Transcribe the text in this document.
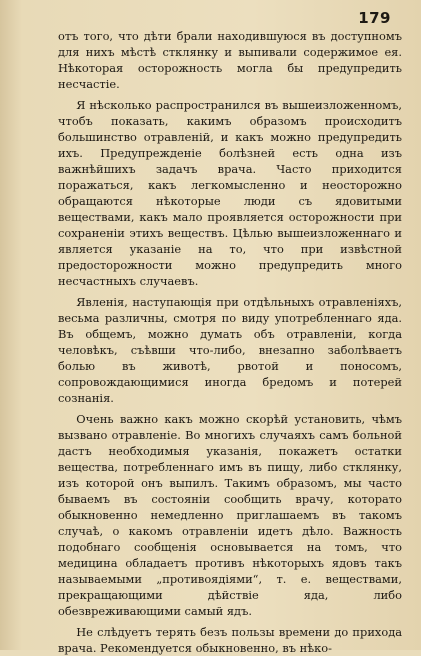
179

отъ того, что дѣти брали находившуюся въ доступномъ для нихъ мѣстѣ стклянку и выпивали содержимое ея. Нѣкоторая осторожность могла бы предупредить несчастіе.

Я нѣсколько распространился въ вышеизложенномъ, чтобъ показать, какимъ образомъ происходитъ большинство отравленій, и какъ можно предупредить ихъ. Предупрежденіе болѣзней есть одна изъ важнѣйшихъ задачъ врача. Часто приходится поражаться, какъ легкомысленно и неосторожно обращаются нѣкоторые люди съ ядовитыми веществами, какъ мало проявляется осторожности при сохраненіи этихъ веществъ. Цѣлью вышеизложеннаго и является указаніе на то, что при извѣстной предосторожности можно предупредить много несчастныхъ случаевъ.

Явленія, наступающія при отдѣльныхъ отравленіяхъ, весьма различны, смотря по виду употребленнаго яда. Въ общемъ, можно думать объ отравленіи, когда человѣкъ, съѣвши что-либо, внезапно заболѣваетъ болью въ животѣ, рвотой и поносомъ, сопровождающимися иногда бредомъ и потерей сознанія.

Очень важно какъ можно скорѣй установить, чѣмъ вызвано отравленіе. Во многихъ случаяхъ самъ больной дастъ необходимыя указанія, покажетъ остатки вещества, потребленнаго имъ въ пищу, либо стклянку, изъ которой онъ выпилъ. Такимъ образомъ, мы часто бываемъ въ состояніи сообщить врачу, которато обыкновенно немедленно приглашаемъ въ такомъ случаѣ, о какомъ отравленіи идетъ дѣло. Важность подобнаго сообщенія основывается на томъ, что медицина обладаетъ противъ нѣкоторыхъ ядовъ такъ называемыми „противоядіями“, т. е. веществами, прекращающими дѣйствіе яда, либо обезвреживающими самый ядъ.

Не слѣдуетъ терять безъ пользы времени до прихода врача. Рекомендуется обыкновенно, въ нѣко-
